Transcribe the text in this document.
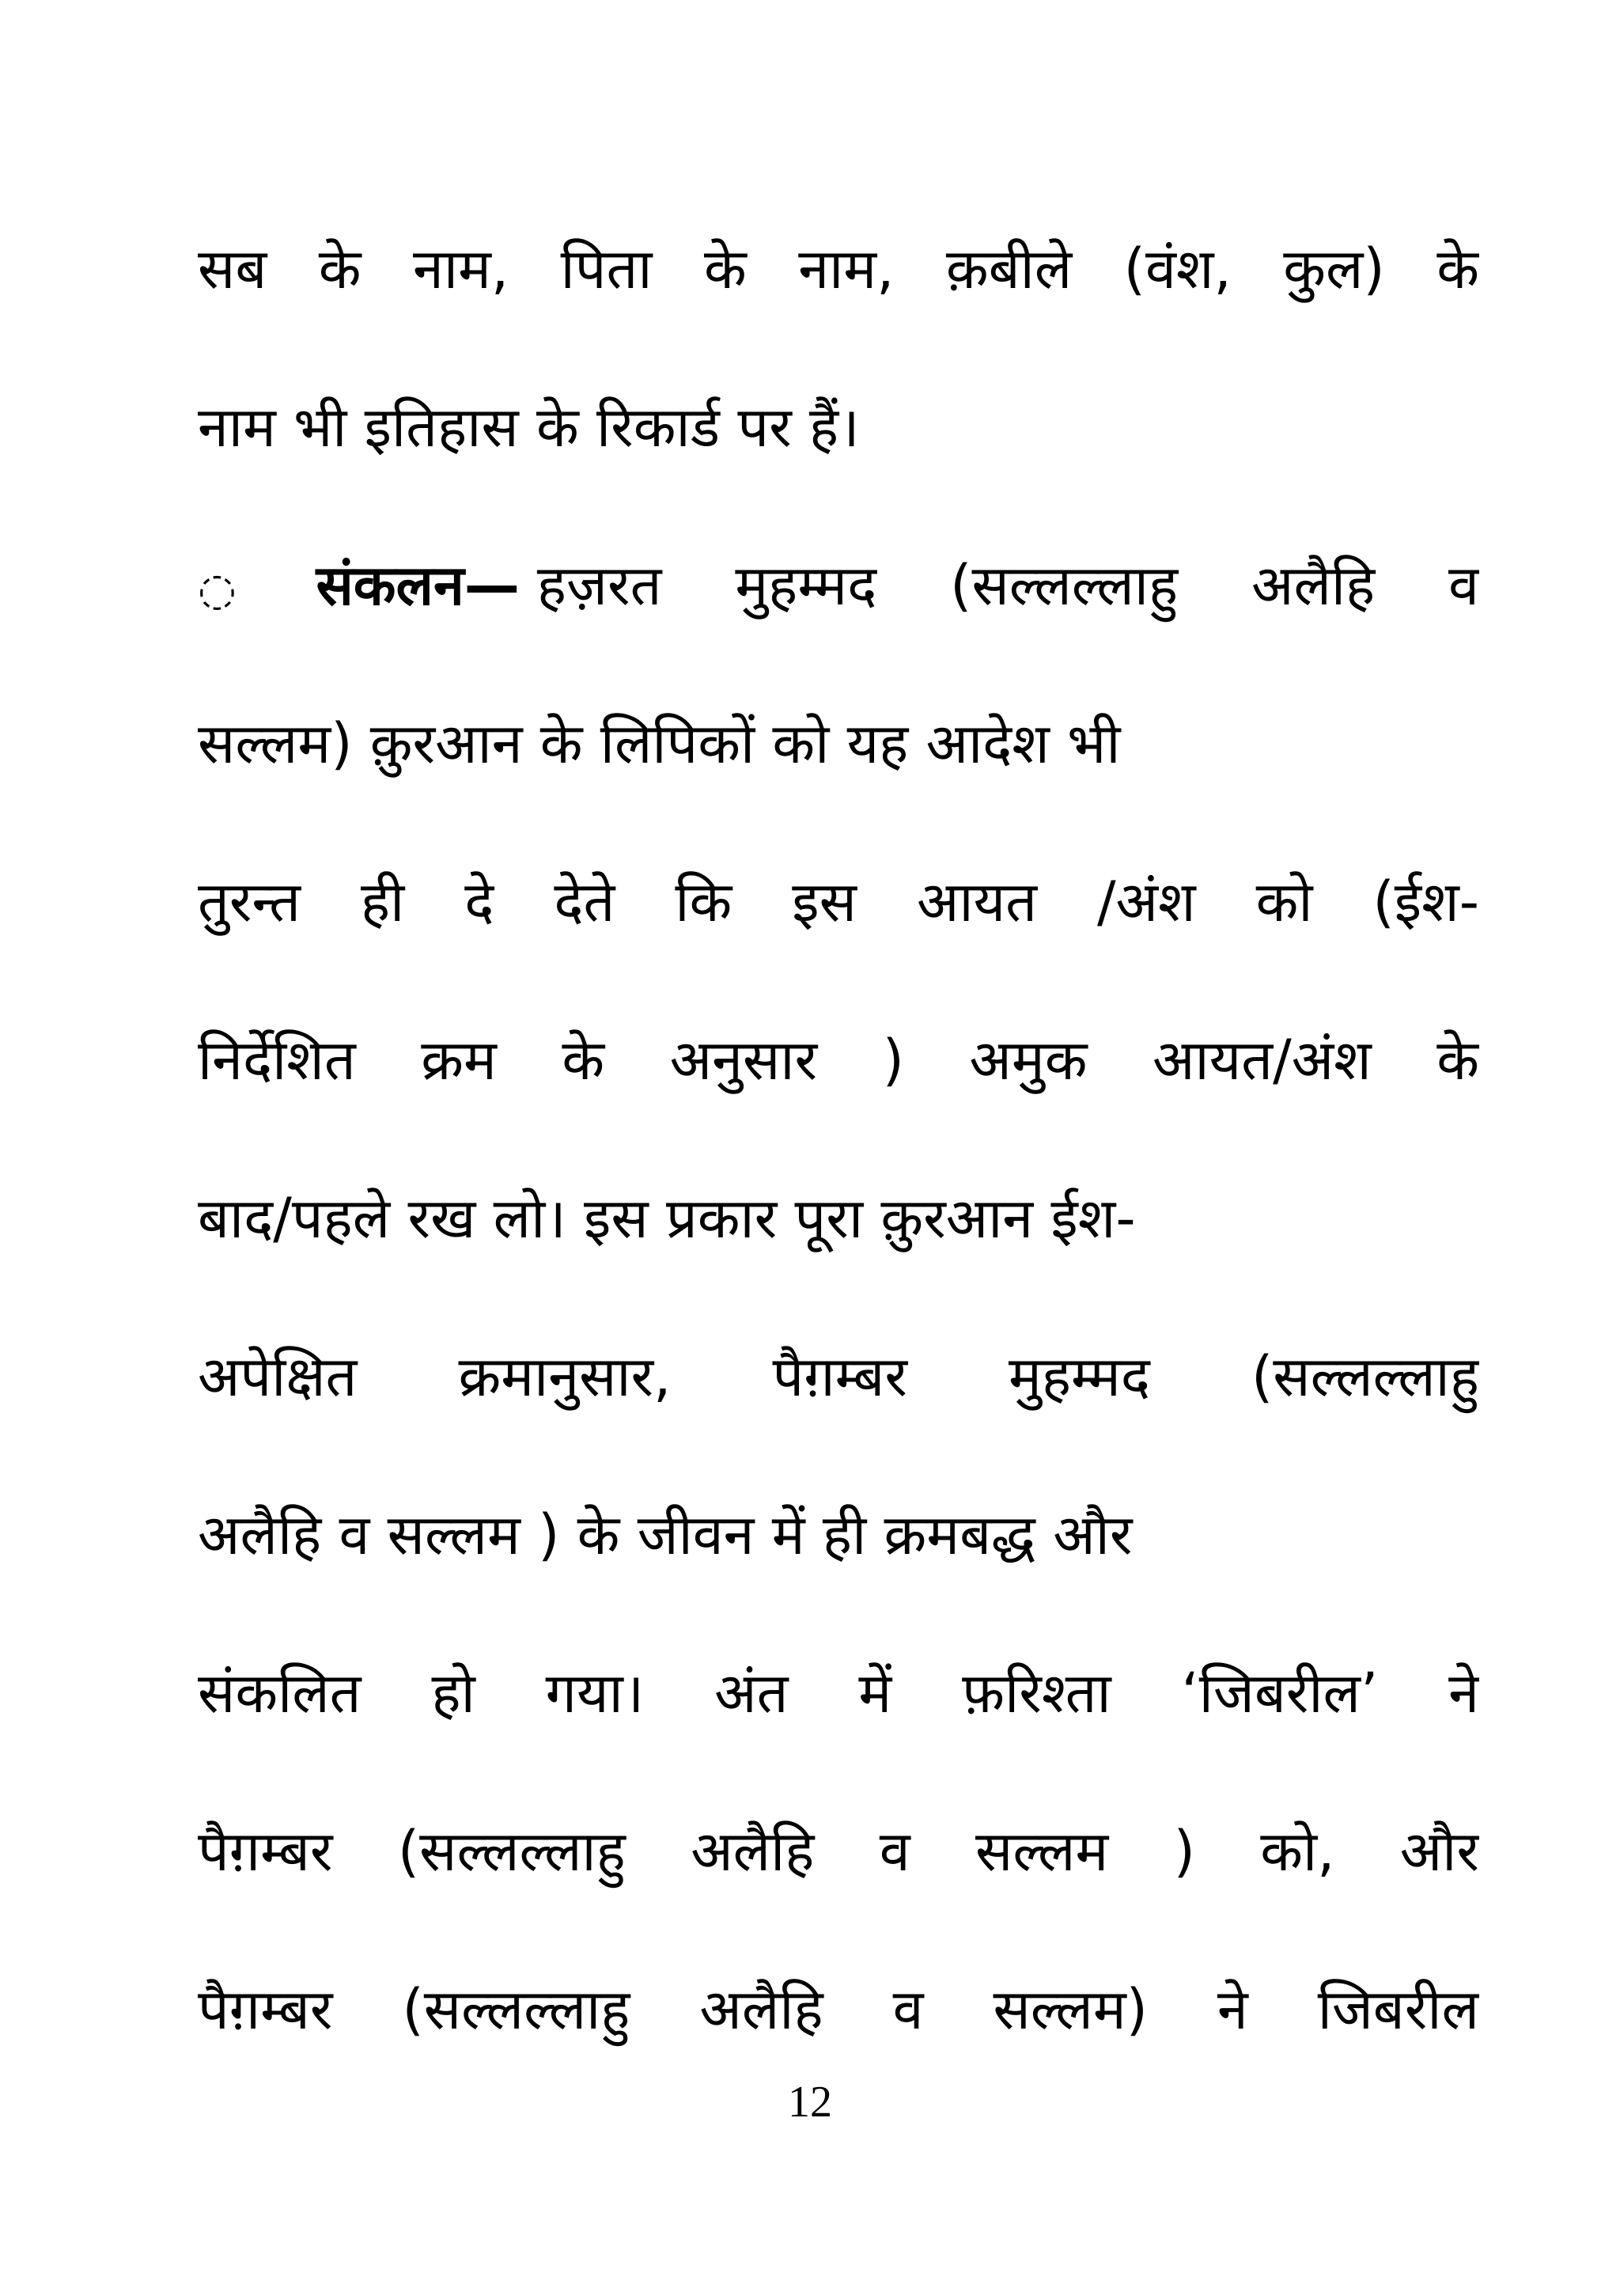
सब के नाम, पिता के नाम, क़बीले (वंश, कुल) के
नाम भी इतिहास के रिकार्ड पर हैं।
◌ संकलन— हज़रत मुहम्मद (सल्लल्लाहु अलैहि व
सल्लम) क़ुरआन के लिपिकों को यह आदेश भी
तुरन्त ही दे देते कि इस आयत /अंश को (ईश-
निर्देशित क्रम के अनुसार ) अमुक आयत/अंश के
बाद/पहले रख लो। इस प्रकार पूरा क़ुरआन ईश-
अपेक्षित क्रमानुसार, पैग़म्बर मुहम्मद (सल्लल्लाहु
अलैहि व सल्लम ) के जीवन में ही क्रमबद्ध और
संकलित हो गया। अंत में फ़रिश्ता ‘जिबरील’ ने
पैग़म्बर (सल्लल्लाहु अलैहि व सल्लम ) को, और
पैग़म्बर (सल्लल्लाहु अलैहि व सल्लम) ने जिबरील
12
